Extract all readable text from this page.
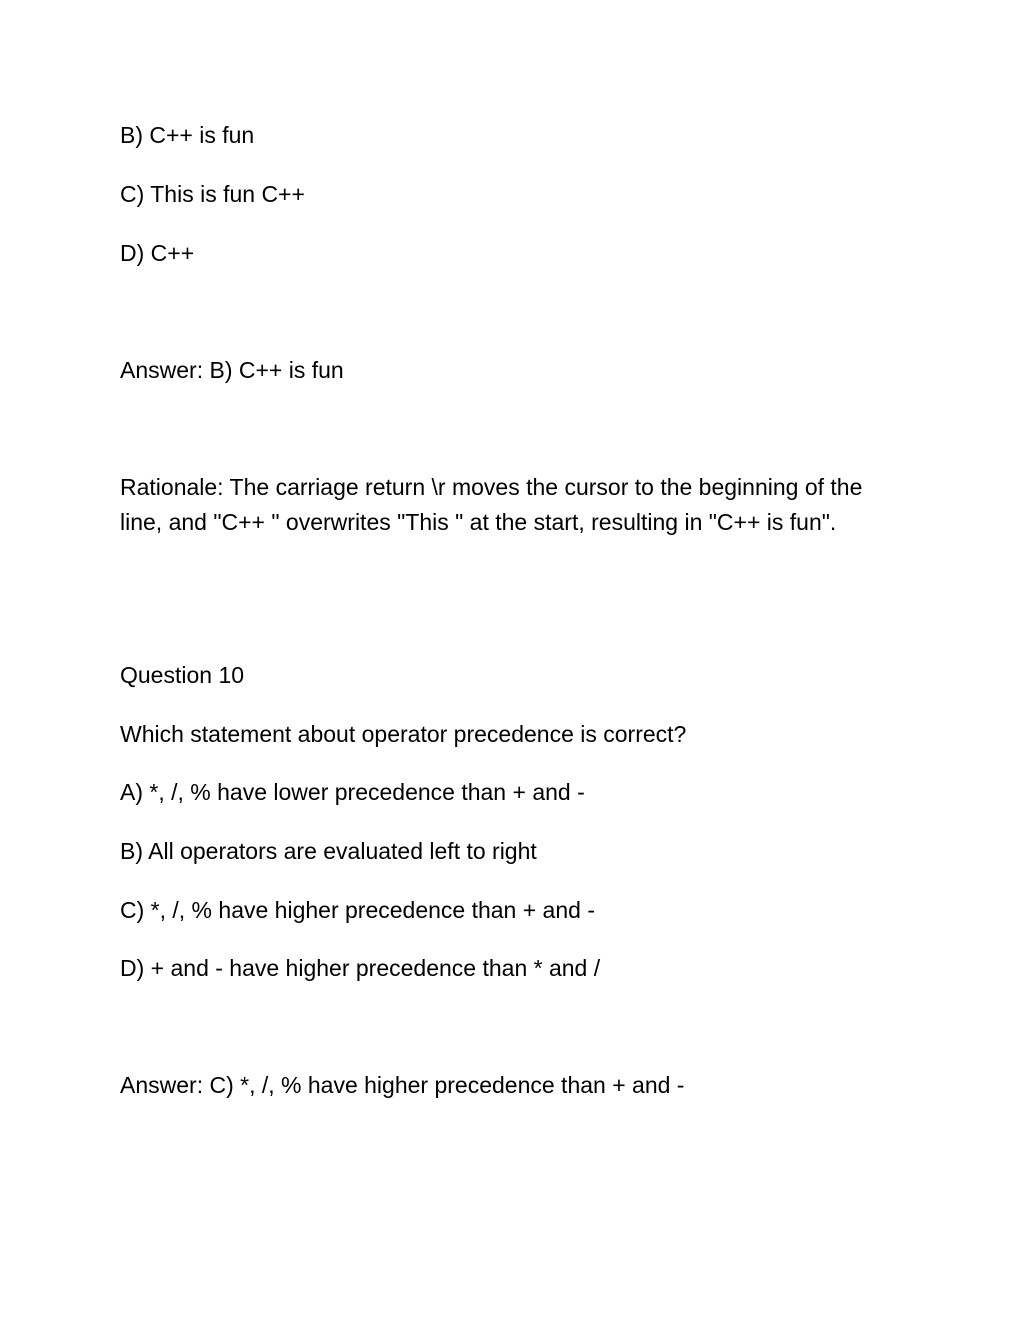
B) C++ is fun

C) This is fun C++

D) C++

Answer: B) C++ is fun

Rationale: The carriage return \r moves the cursor to the beginning of the line, and "C++ " overwrites "This " at the start, resulting in "C++ is fun".

Question 10

Which statement about operator precedence is correct?

A) *, /, % have lower precedence than + and -

B) All operators are evaluated left to right

C) *, /, % have higher precedence than + and -

D) + and - have higher precedence than * and /

Answer: C) *, /, % have higher precedence than + and -
